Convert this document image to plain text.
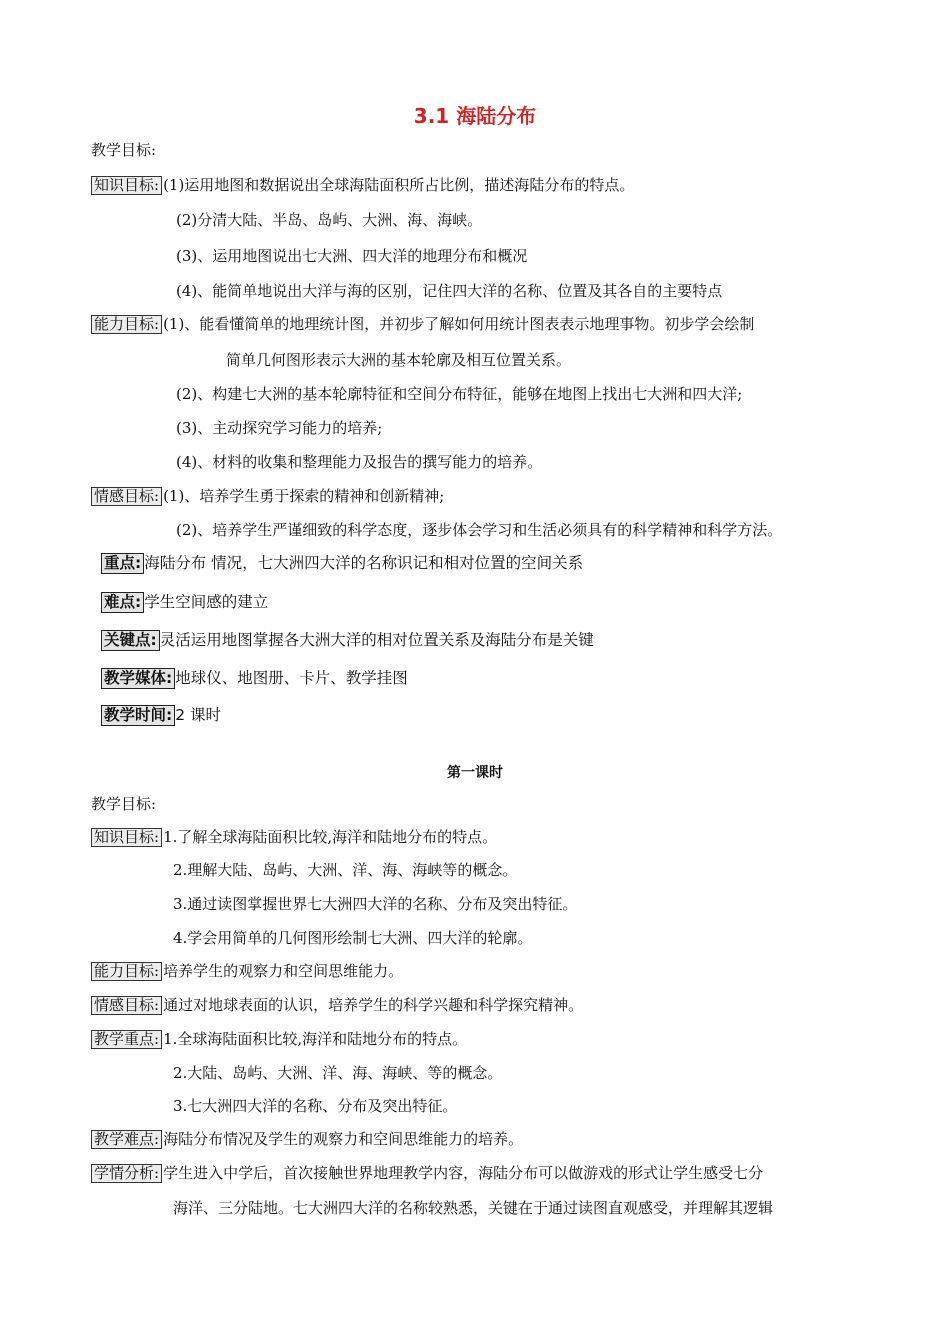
3.1 海陆分布
教学目标:
知识目标: (1)运用地图和数据说出全球海陆面积所占比例，描述海陆分布的特点。
(2)分清大陆、半岛、岛屿、大洲、海、海峡。
(3)、运用地图说出七大洲、四大洋的地理分布和概况
(4)、能简单地说出大洋与海的区别，记住四大洋的名称、位置及其各自的主要特点
能力目标: (1)、能看懂简单的地理统计图，并初步了解如何用统计图表表示地理事物。初步学会绘制
简单几何图形表示大洲的基本轮廓及相互位置关系。
(2)、构建七大洲的基本轮廓特征和空间分布特征，能够在地图上找出七大洲和四大洋;
(3)、主动探究学习能力的培养;
(4)、材料的收集和整理能力及报告的撰写能力的培养。
情感目标: (1)、培养学生勇于探索的精神和创新精神;
(2)、培养学生严谨细致的科学态度，逐步体会学习和生活必须具有的科学精神和科学方法。
重点: 海陆分布 情况，七大洲四大洋的名称识记和相对位置的空间关系
难点: 学生空间感的建立
关键点: 灵活运用地图掌握各大洲大洋的相对位置关系及海陆分布是关键
教学媒体: 地球仪、地图册、卡片、教学挂图
教学时间: 2 课时
第一课时
教学目标:
知识目标: 1.了解全球海陆面积比较,海洋和陆地分布的特点。
2.理解大陆、岛屿、大洲、洋、海、海峡等的概念。
3.通过读图掌握世界七大洲四大洋的名称、分布及突出特征。
4.学会用简单的几何图形绘制七大洲、四大洋的轮廓。
能力目标: 培养学生的观察力和空间思维能力。
情感目标: 通过对地球表面的认识，培养学生的科学兴趣和科学探究精神。
教学重点: 1.全球海陆面积比较,海洋和陆地分布的特点。
2.大陆、岛屿、大洲、洋、海、海峡、等的概念。
3.七大洲四大洋的名称、分布及突出特征。
教学难点: 海陆分布情况及学生的观察力和空间思维能力的培养。
学情分析: 学生进入中学后，首次接触世界地理教学内容，海陆分布可以做游戏的形式让学生感受七分
海洋、三分陆地。七大洲四大洋的名称较熟悉，关键在于通过读图直观感受，并理解其逻辑
